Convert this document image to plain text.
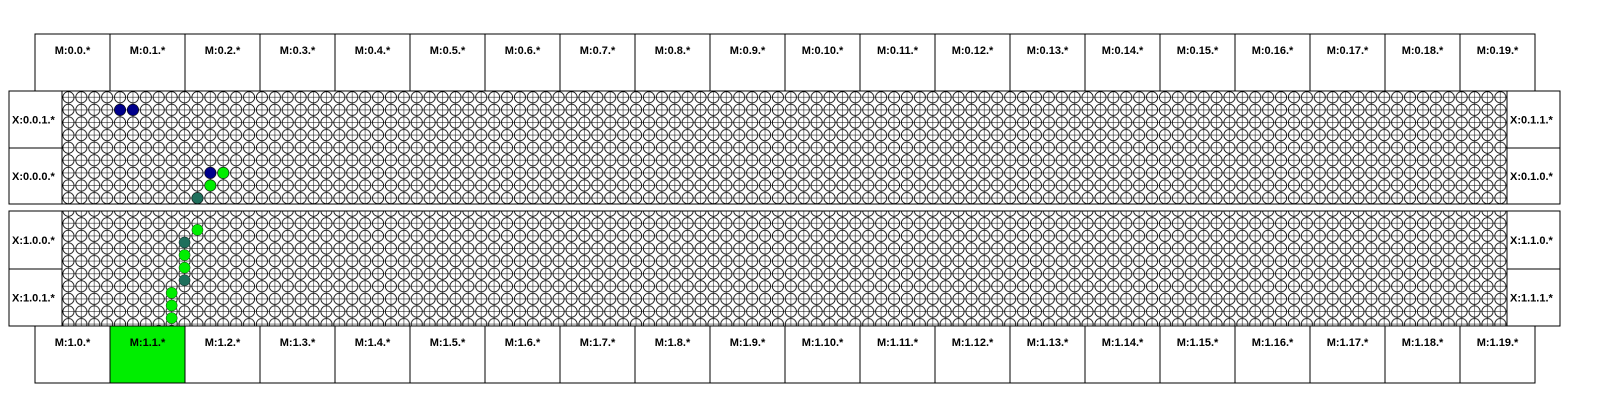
M:0.0.*	M:0.1.*	M:0.2.*	M:0.3.*	M:0.4.*	M:0.5.*	M:0.6.*	M:0.7.*	M:0.8.*	M:0.9.*	M:0.10.*	M:0.11.*	M:0.12.*	M:0.13.*	M:0.14.*	M:0.15.*	M:0.16.*	M:0.17.*	M:0.18.*	M:0.19.*
X:0.0.1.*
X:0.0.0.*
X:1.0.0.*
X:1.0.1.*
X:0.1.1.*
X:0.1.0.*
X:1.1.0.*
X:1.1.1.*
M:1.0.*	M:1.1.*	M:1.2.*	M:1.3.*	M:1.4.*	M:1.5.*	M:1.6.*	M:1.7.*	M:1.8.*	M:1.9.*	M:1.10.*	M:1.11.*	M:1.12.*	M:1.13.*	M:1.14.*	M:1.15.*	M:1.16.*	M:1.17.*	M:1.18.*	M:1.19.*
